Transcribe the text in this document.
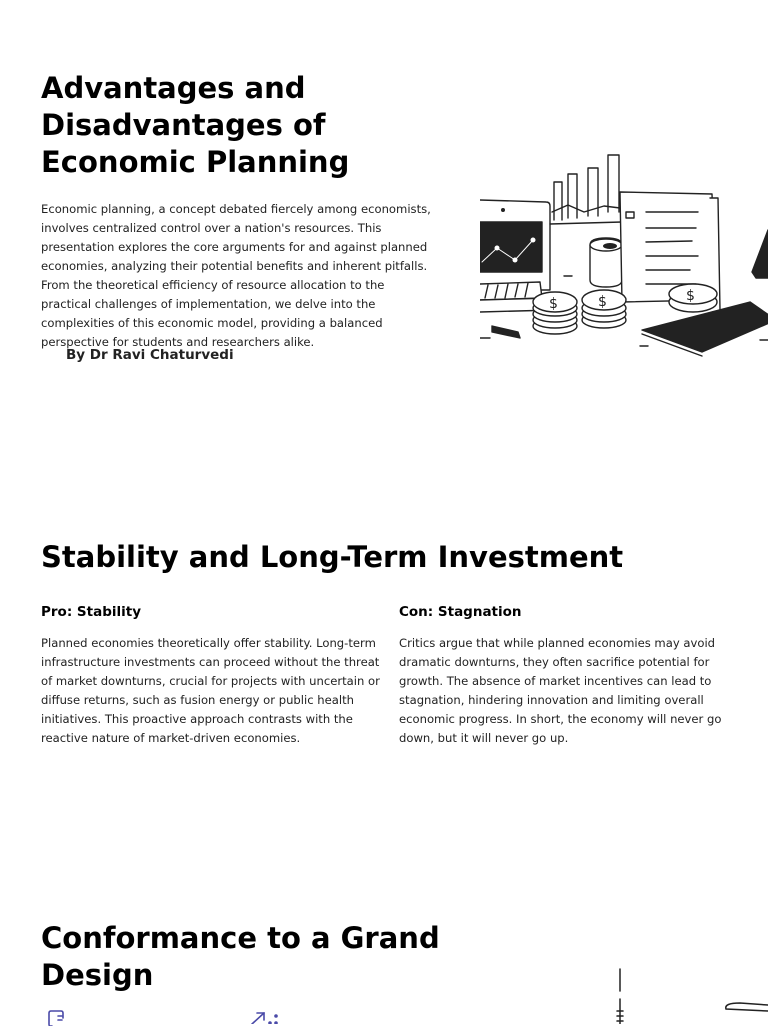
Advantages and Disadvantages of Economic Planning

Economic planning, a concept debated fiercely among economists, involves centralized control over a nation's resources. This presentation explores the core arguments for and against planned economies, analyzing their potential benefits and inherent pitfalls. From the theoretical efficiency of resource allocation to the practical challenges of implementation, we delve into the complexities of this economic model, providing a balanced perspective for students and researchers alike.

By Dr Ravi Chaturvedi

$	$	$
Stability and Long-Term Investment
Pro: Stability

Planned economies theoretically offer stability. Long-term infrastructure investments can proceed without the threat of market downturns, crucial for projects with uncertain or diffuse returns, such as fusion energy or public health initiatives. This proactive approach contrasts with the reactive nature of market-driven economies.

Con: Stagnation

Critics argue that while planned economies may avoid dramatic downturns, they often sacrifice potential for growth. The absence of market incentives can lead to stagnation, hindering innovation and limiting overall economic progress. In short, the economy will never go down, but it will never go up.

Conformance to a Grand Design
